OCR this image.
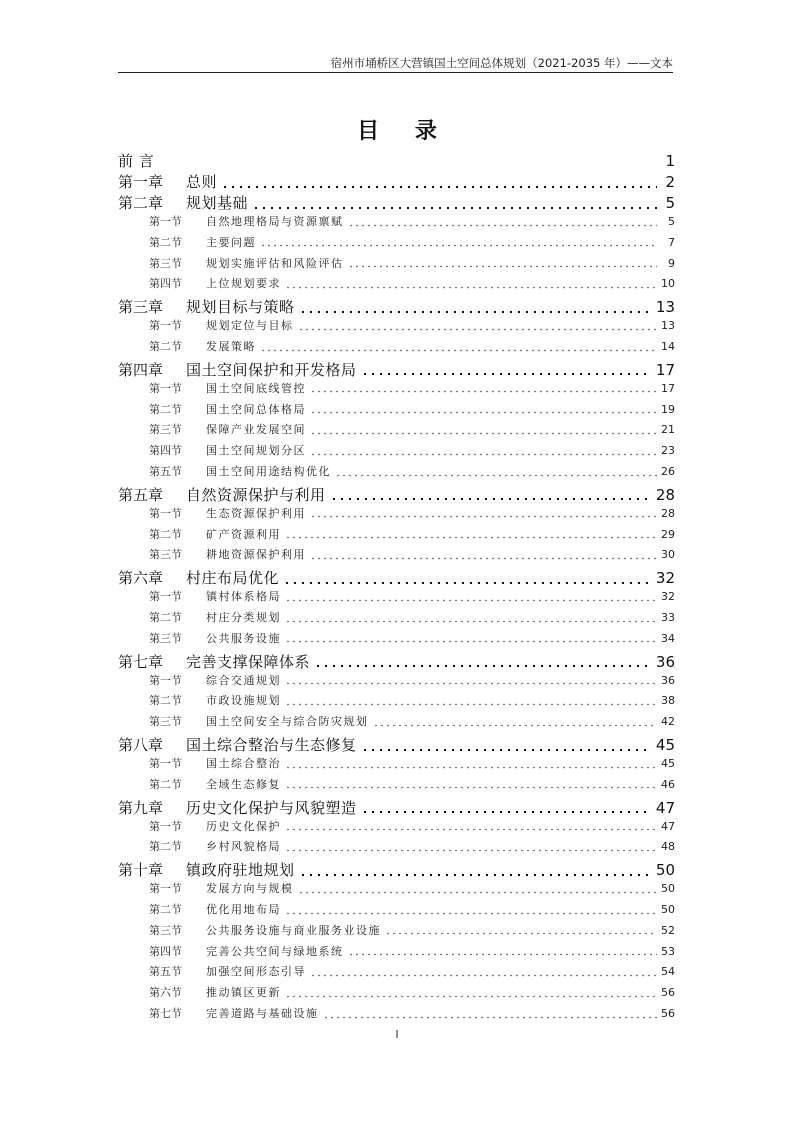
宿州市埇桥区大营镇国土空间总体规划（2021-2035 年）——文本
目 录
前 言	1
第一章	总则	2
第二章	规划基础	5
第一节	自然地理格局与资源禀赋	5
第二节	主要问题	7
第三节	规划实施评估和风险评估	9
第四节	上位规划要求	10
第三章	规划目标与策略	13
第一节	规划定位与目标	13
第二节	发展策略	14
第四章	国土空间保护和开发格局	17
第一节	国土空间底线管控	17
第二节	国土空间总体格局	19
第三节	保障产业发展空间	21
第四节	国土空间规划分区	23
第五节	国土空间用途结构优化	26
第五章	自然资源保护与利用	28
第一节	生态资源保护利用	28
第二节	矿产资源利用	29
第三节	耕地资源保护利用	30
第六章	村庄布局优化	32
第一节	镇村体系格局	32
第二节	村庄分类规划	33
第三节	公共服务设施	34
第七章	完善支撑保障体系	36
第一节	综合交通规划	36
第二节	市政设施规划	38
第三节	国土空间安全与综合防灾规划	42
第八章	国土综合整治与生态修复	45
第一节	国土综合整治	45
第二节	全域生态修复	46
第九章	历史文化保护与风貌塑造	47
第一节	历史文化保护	47
第二节	乡村风貌格局	48
第十章	镇政府驻地规划	50
第一节	发展方向与规模	50
第二节	优化用地布局	50
第三节	公共服务设施与商业服务业设施	52
第四节	完善公共空间与绿地系统	53
第五节	加强空间形态引导	54
第六节	推动镇区更新	56
第七节	完善道路与基础设施	56
I
